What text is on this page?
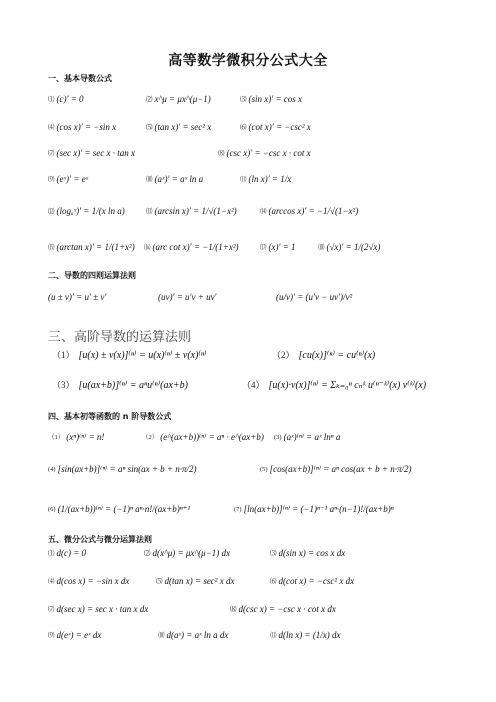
高等数学微积分公式大全
一、基本导数公式
⑴ (c)′ = 0	⑵ x^μ = μx^(μ−1)	⑶ (sin x)′ = cos x
⑷ (cos x)′ = −sin x	⑸ (tan x)′ = sec² x	⑹ (cot x)′ = −csc² x
⑺ (sec x)′ = sec x · tan x	⑻ (csc x)′ = −csc x · cot x
⑼ (eˣ)′ = eˣ	⑽ (aˣ)′ = aˣ ln a	⑾ (ln x)′ = 1/x
⑿ (logₐˣ)′ = 1/(x ln a)	⒀ (arcsin x)′ = 1/√(1−x²)	⒁ (arccos x)′ = −1/√(1−x²)
⒂ (arctan x)′ = 1/(1+x²) ⒃ (arc cot x)′ = −1/(1+x²)	⒄ (x)′ = 1	⒅ (√x)′ = 1/(2√x)
二、导数的四则运算法则
(u ± v)′ = u′ ± v′	(uv)′ = u′v + uv′	(u/v)′ = (u′v − uv′)/v²
三、高阶导数的运算法则
（1） [u(x) ± v(x)]⁽ⁿ⁾ = u(x)⁽ⁿ⁾ ± v(x)⁽ⁿ⁾	（2） [cu(x)]⁽ⁿ⁾ = cu⁽ⁿ⁾(x)
（3） [u(ax+b)]⁽ⁿ⁾ = aⁿu⁽ⁿ⁾(ax+b)	（4） [u(x)·v(x)]⁽ⁿ⁾ = Σₖ₌₀ⁿ cₙᵏ u⁽ⁿ⁻ᵏ⁾(x) v⁽ᵏ⁾(x)
四、基本初等函数的 n 阶导数公式
（1） (xⁿ)⁽ⁿ⁾ = n!	（2） (e^(ax+b))⁽ⁿ⁾ = aⁿ · e^(ax+b) (3) (aˣ)⁽ⁿ⁾ = aˣ lnⁿ a
(4) [sin(ax+b)]⁽ⁿ⁾ = aⁿ sin(ax + b + n·π/2)	(5) [cos(ax+b)]⁽ⁿ⁾ = aⁿ cos(ax + b + n·π/2)
(6) (1/(ax+b))⁽ⁿ⁾ = (−1)ⁿ aⁿ·n!/(ax+b)ⁿ⁺¹	(7) [ln(ax+b)]⁽ⁿ⁾ = (−1)ⁿ⁻¹ aⁿ·(n−1)!/(ax+b)ⁿ
五、微分公式与微分运算法则
⑴ d(c) = 0	⑵ d(x^μ) = μx^(μ−1) dx	⑶ d(sin x) = cos x dx
⑷ d(cos x) = −sin x dx	⑸ d(tan x) = sec² x dx	⑹ d(cot x) = −csc² x dx
⑺ d(sec x) = sec x · tan x dx	⑻ d(csc x) = −csc x · cot x dx
⑼ d(eˣ) = eˣ dx	⑽ d(aˣ) = aˣ ln a dx	⑾ d(ln x) = (1/x) dx
